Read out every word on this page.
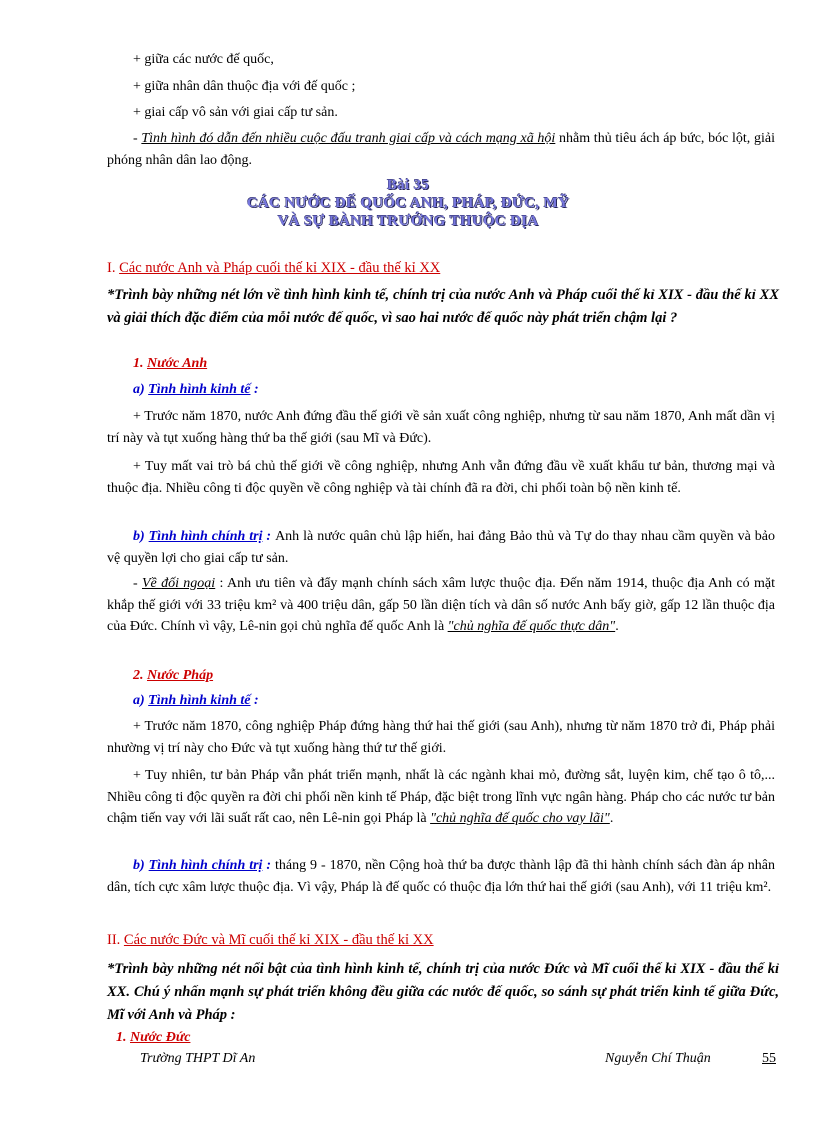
+ giữa các nước đế quốc,
+ giữa nhân dân thuộc địa với đế quốc ;
+ giai cấp vô sản với giai cấp tư sản.
- Tình hình đó dẫn đến nhiều cuộc đấu tranh giai cấp và cách mạng xã hội nhằm thủ tiêu ách áp bức, bóc lột, giải phóng nhân dân lao động.
Bài 35
CÁC NƯỚC ĐẾ QUỐC ANH, PHÁP, ĐỨC, MỸ
VÀ SỰ BÀNH TRƯỚNG THUỘC ĐỊA
I. Các nước Anh và Pháp cuối thế kỉ XIX - đầu thế kỉ XX
*Trình bày những nét lớn về tình hình kinh tế, chính trị của nước Anh và Pháp cuối thế kỉ XIX - đầu thế kỉ XX và giải thích đặc điểm của mỗi nước đế quốc, vì sao hai nước đế quốc này phát triển chậm lại ?
1. Nước Anh
a) Tình hình kinh tế :
+ Trước năm 1870, nước Anh đứng đầu thế giới về sản xuất công nghiệp, nhưng từ sau năm 1870, Anh mất dần vị trí này và tụt xuống hàng thứ ba thế giới (sau Mĩ và Đức).
+ Tuy mất vai trò bá chủ thế giới về công nghiệp, nhưng Anh vẫn đứng đầu về xuất khẩu tư bản, thương mại và thuộc địa. Nhiều công ti độc quyền về công nghiệp và tài chính đã ra đời, chi phối toàn bộ nền kinh tế.
b) Tình hình chính trị : Anh là nước quân chủ lập hiến, hai đảng Bảo thủ và Tự do thay nhau cầm quyền và bảo vệ quyền lợi cho giai cấp tư sản.
- Về đối ngoại : Anh ưu tiên và đẩy mạnh chính sách xâm lược thuộc địa. Đến năm 1914, thuộc địa Anh có mặt khắp thế giới với 33 triệu km² và 400 triệu dân, gấp 50 lần diện tích và dân số nước Anh bấy giờ, gấp 12 lần thuộc địa của Đức. Chính vì vậy, Lê-nin gọi chủ nghĩa đế quốc Anh là "chủ nghĩa đế quốc thực dân".
2. Nước Pháp
a) Tình hình kinh tế :
+ Trước năm 1870, công nghiệp Pháp đứng hàng thứ hai thế giới (sau Anh), nhưng từ năm 1870 trở đi, Pháp phải nhường vị trí này cho Đức và tụt xuống hàng thứ tư thế giới.
+ Tuy nhiên, tư bản Pháp vẫn phát triển mạnh, nhất là các ngành khai mỏ, đường sắt, luyện kim, chế tạo ô tô,... Nhiều công ti độc quyền ra đời chi phối nền kinh tế Pháp, đặc biệt trong lĩnh vực ngân hàng. Pháp cho các nước tư bản chậm tiến vay với lãi suất rất cao, nên Lê-nin gọi Pháp là "chủ nghĩa đế quốc cho vay lãi".
b) Tình hình chính trị : tháng 9 - 1870, nền Cộng hoà thứ ba được thành lập đã thi hành chính sách đàn áp nhân dân, tích cực xâm lược thuộc địa. Vì vậy, Pháp là đế quốc có thuộc địa lớn thứ hai thế giới (sau Anh), với 11 triệu km².
II. Các nước Đức và Mĩ cuối thế kỉ XIX - đầu thế kỉ XX
*Trình bày những nét nổi bật của tình hình kinh tế, chính trị của nước Đức và Mĩ cuối thế kỉ XIX - đầu thế kỉ XX. Chú ý nhấn mạnh sự phát triển không đều giữa các nước đế quốc, so sánh sự phát triển kinh tế giữa Đức, Mĩ với Anh và Pháp :
1. Nước Đức
Trường THPT Dĩ An	Nguyễn Chí Thuận	55
